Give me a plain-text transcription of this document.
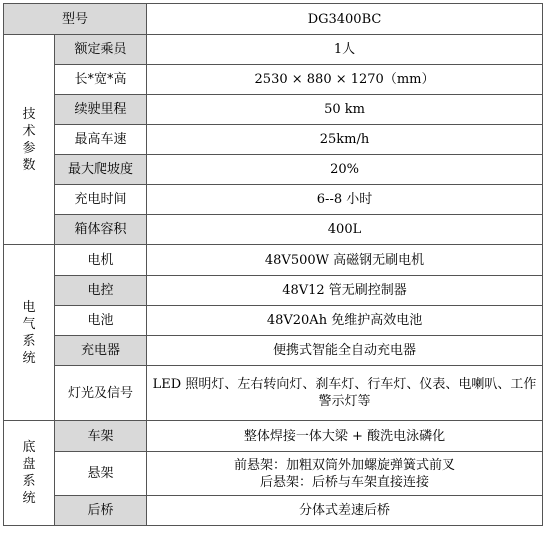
型号		DG3400BC

技
术
参
数	额定乘员	1人
	长*宽*高	2530 × 880 × 1270（mm）
	续驶里程	50 km
	最高车速	25km/h
	最大爬坡度	20%
	充电时间	6--8 小时
	箱体容积	400L

电
气
系
统	电机	48V500W 高磁钢无刷电机
	电控	48V12 管无刷控制器
	电池	48V20Ah 免维护高效电池
	充电器	便携式智能全自动充电器
	灯光及信号	LED 照明灯、左右转向灯、刹车灯、行车灯、仪表、电喇叭、工作警示灯等

底
盘
系
统	车架	整体焊接一体大梁 + 酸洗电泳磷化
	悬架	前悬架：加粗双筒外加螺旋弹簧式前叉
后悬架：后桥与车架直接连接

	后桥	分体式差速后桥
